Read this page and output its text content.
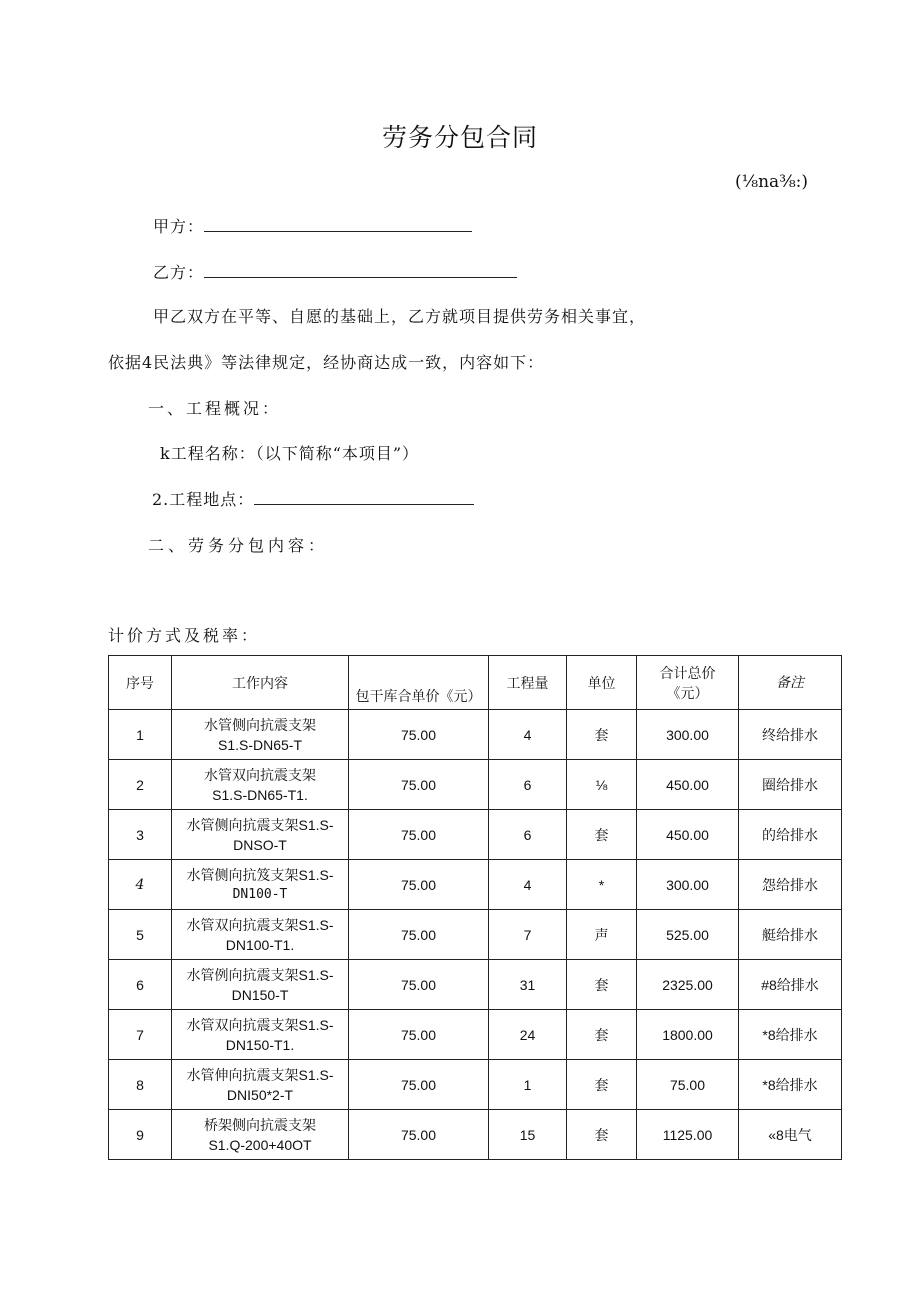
劳务分包合同
(⅛na⅜:)
甲方：
乙方：
甲乙双方在平等、自愿的基础上，乙方就项目提供劳务相关事宜，
依据4民法典》等法律规定，经协商达成一致，内容如下：
一、工程概况：
k工程名称：（以下简称“本项目”）
2.工程地点：
二、劳务分包内容：
计价方式及税率：
序号	工作内容	包干库合单价《元）	工程量	单位	合计总价
《元）	备注
1	水管侧向抗震支架
S1.S-DN65-T	75.00	4	套	300.00	终给排水
2	水管双向抗震支架
S1.S-DN65-T1.	75.00	6	⅛	450.00	圈给排水
3	水管侧向抗震支架S1.S-
DNSO-T	75.00	6	套	450.00	的给排水
4	水管侧向抗笈支架S1.S-
DN100-T	75.00	4	*	300.00	怨给排水
5	水管双向抗震支架S1.S-
DN100-T1.	75.00	7	声	525.00	艇给排水
6	水管例向抗震支架S1.S-
DN150-T	75.00	31	套	2325.00	#8给排水
7	水管双向抗震支架S1.S-
DN150-T1.	75.00	24	套	1800.00	*8给排水
8	水管伸向抗震支架S1.S-
DNI50*2-T	75.00	1	套	75.00	*8给排水
9	桥架侧向抗震支架
S1.Q-200+40OT	75.00	15	套	1125.00	«8电气
